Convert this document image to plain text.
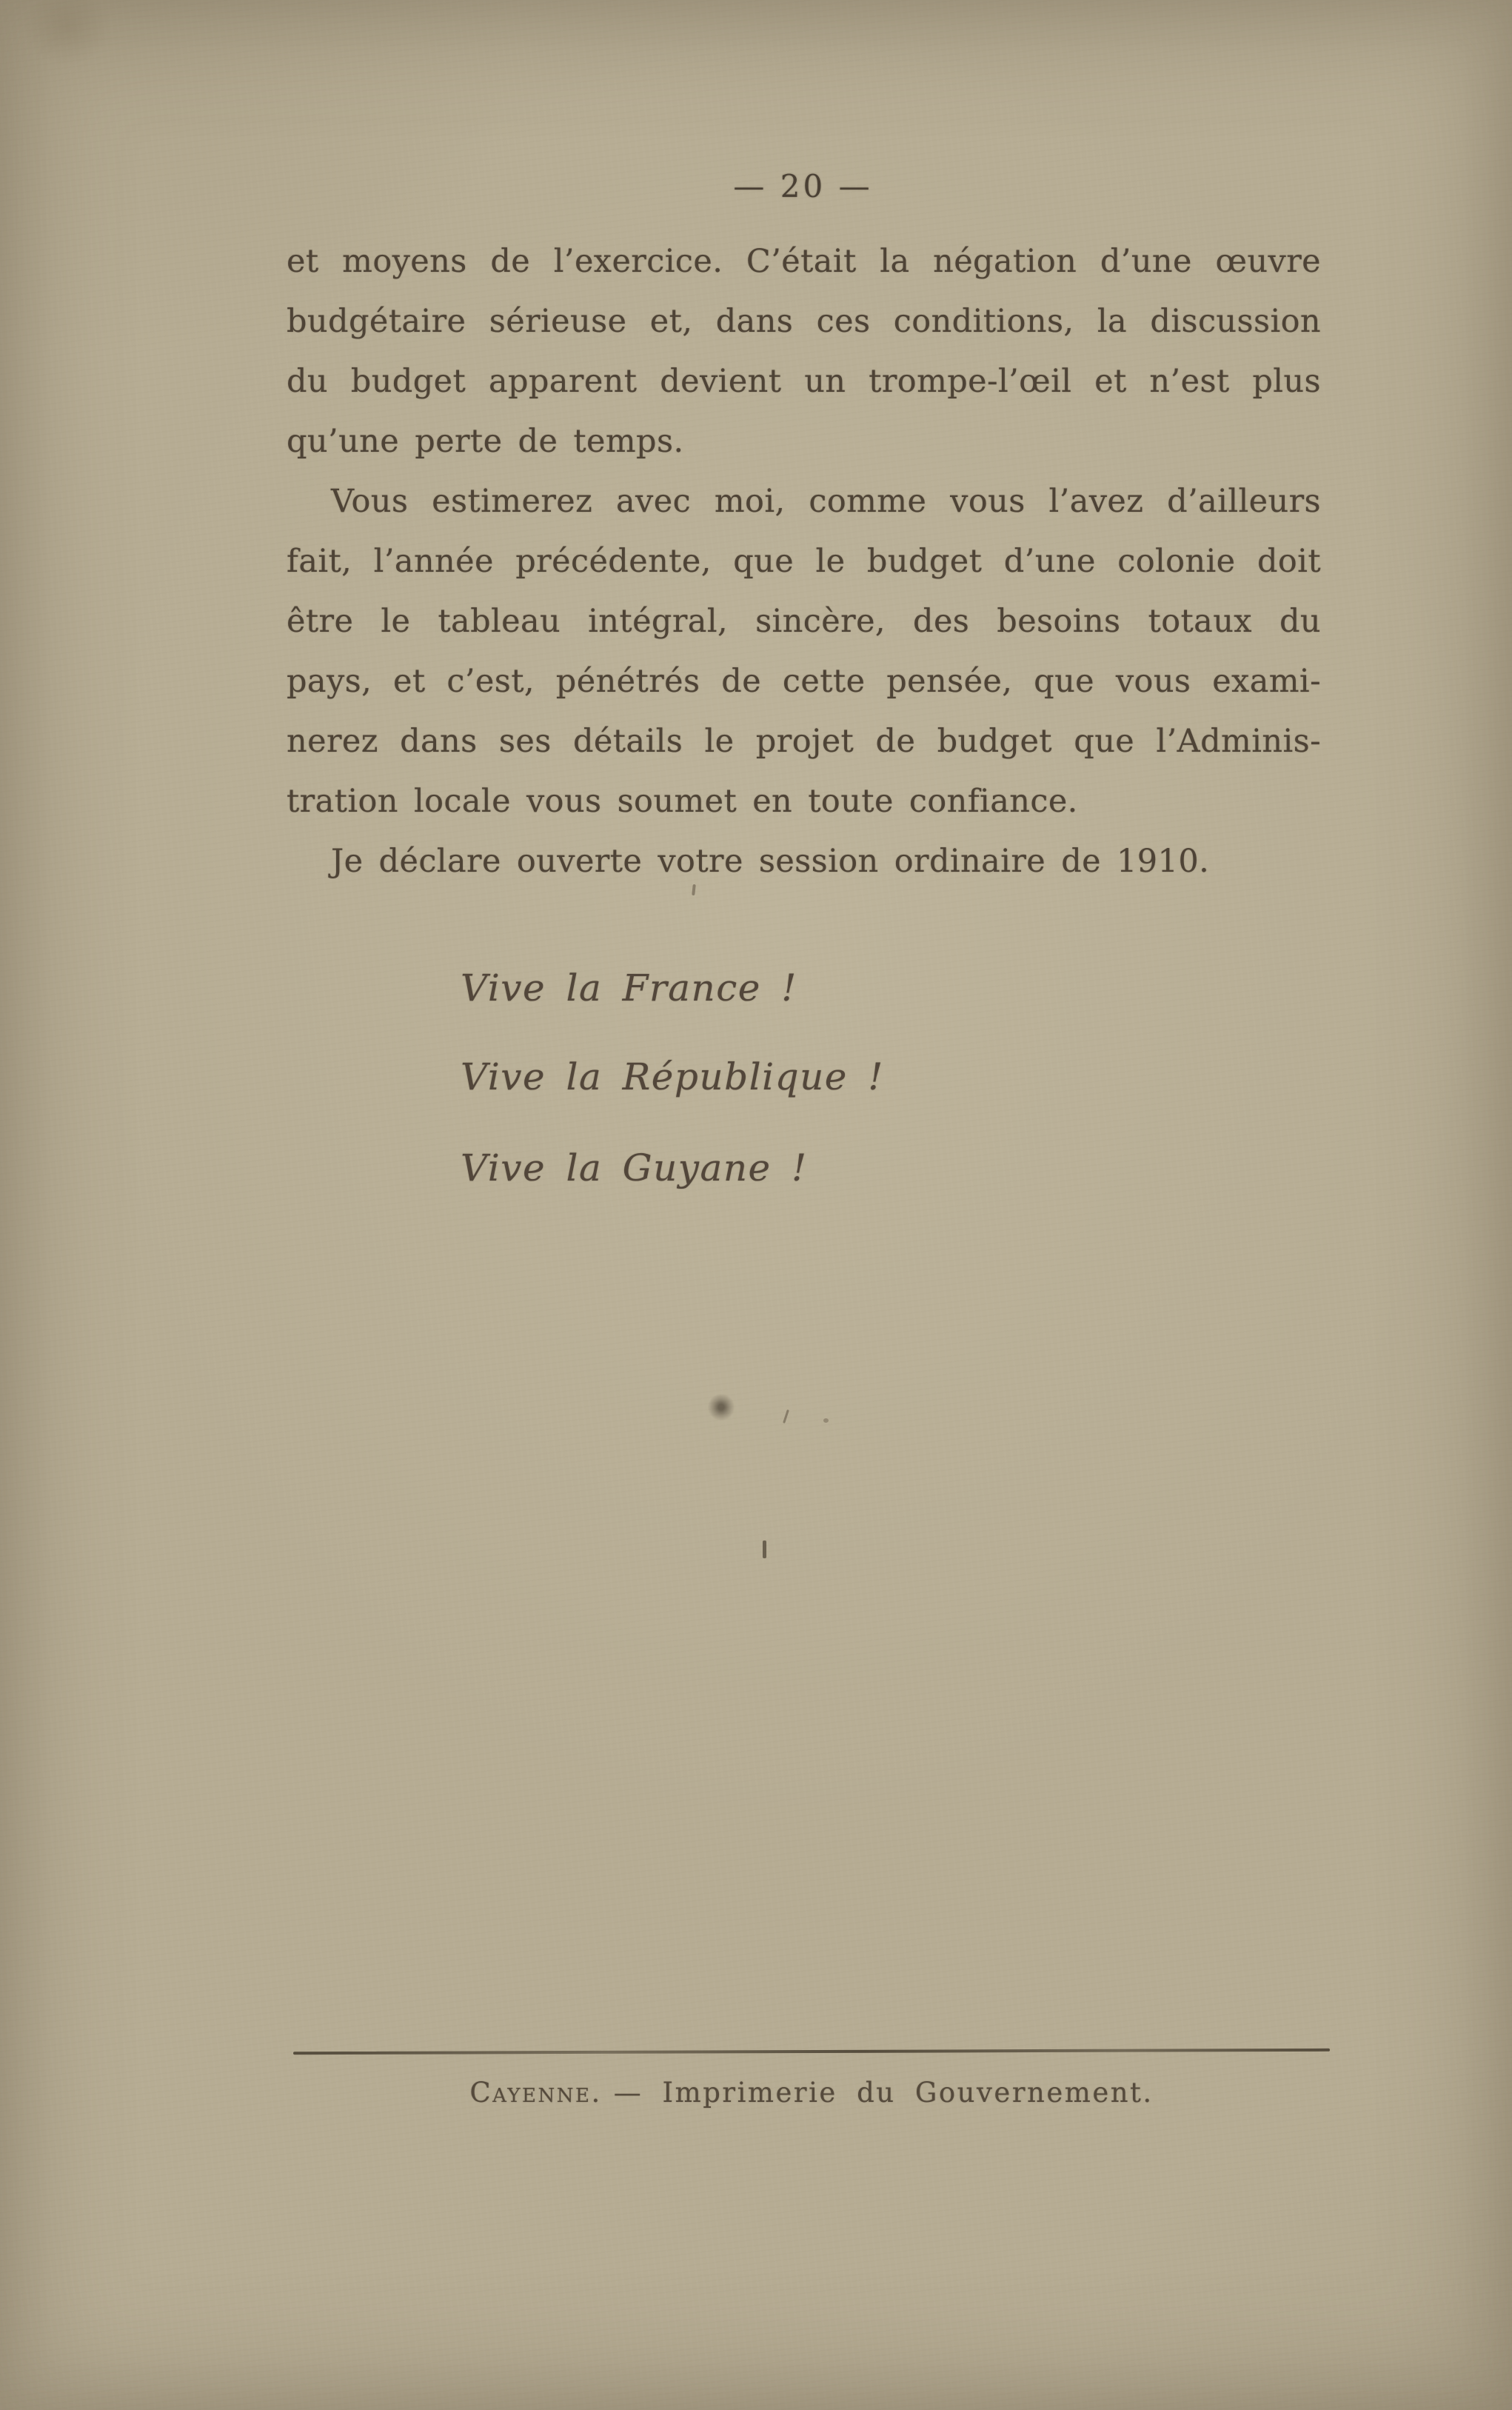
— 20 —
et moyens de l’exercice. C’était la négation d’une œuvre
budgétaire sérieuse et, dans ces conditions, la discussion
du budget apparent devient un trompe-l’œil et n’est plus
qu’une perte de temps.
Vous estimerez avec moi, comme vous l’avez d’ailleurs
fait, l’année précédente, que le budget d’une colonie doit
être le tableau intégral, sincère, des besoins totaux du
pays, et c’est, pénétrés de cette pensée, que vous exami-
nerez dans ses détails le projet de budget que l’Adminis-
tration locale vous soumet en toute confiance.
Je déclare ouverte votre session ordinaire de 1910.
Vive la France !
Vive la République !
Vive la Guyane !
Cayenne. — Imprimerie du Gouvernement.
